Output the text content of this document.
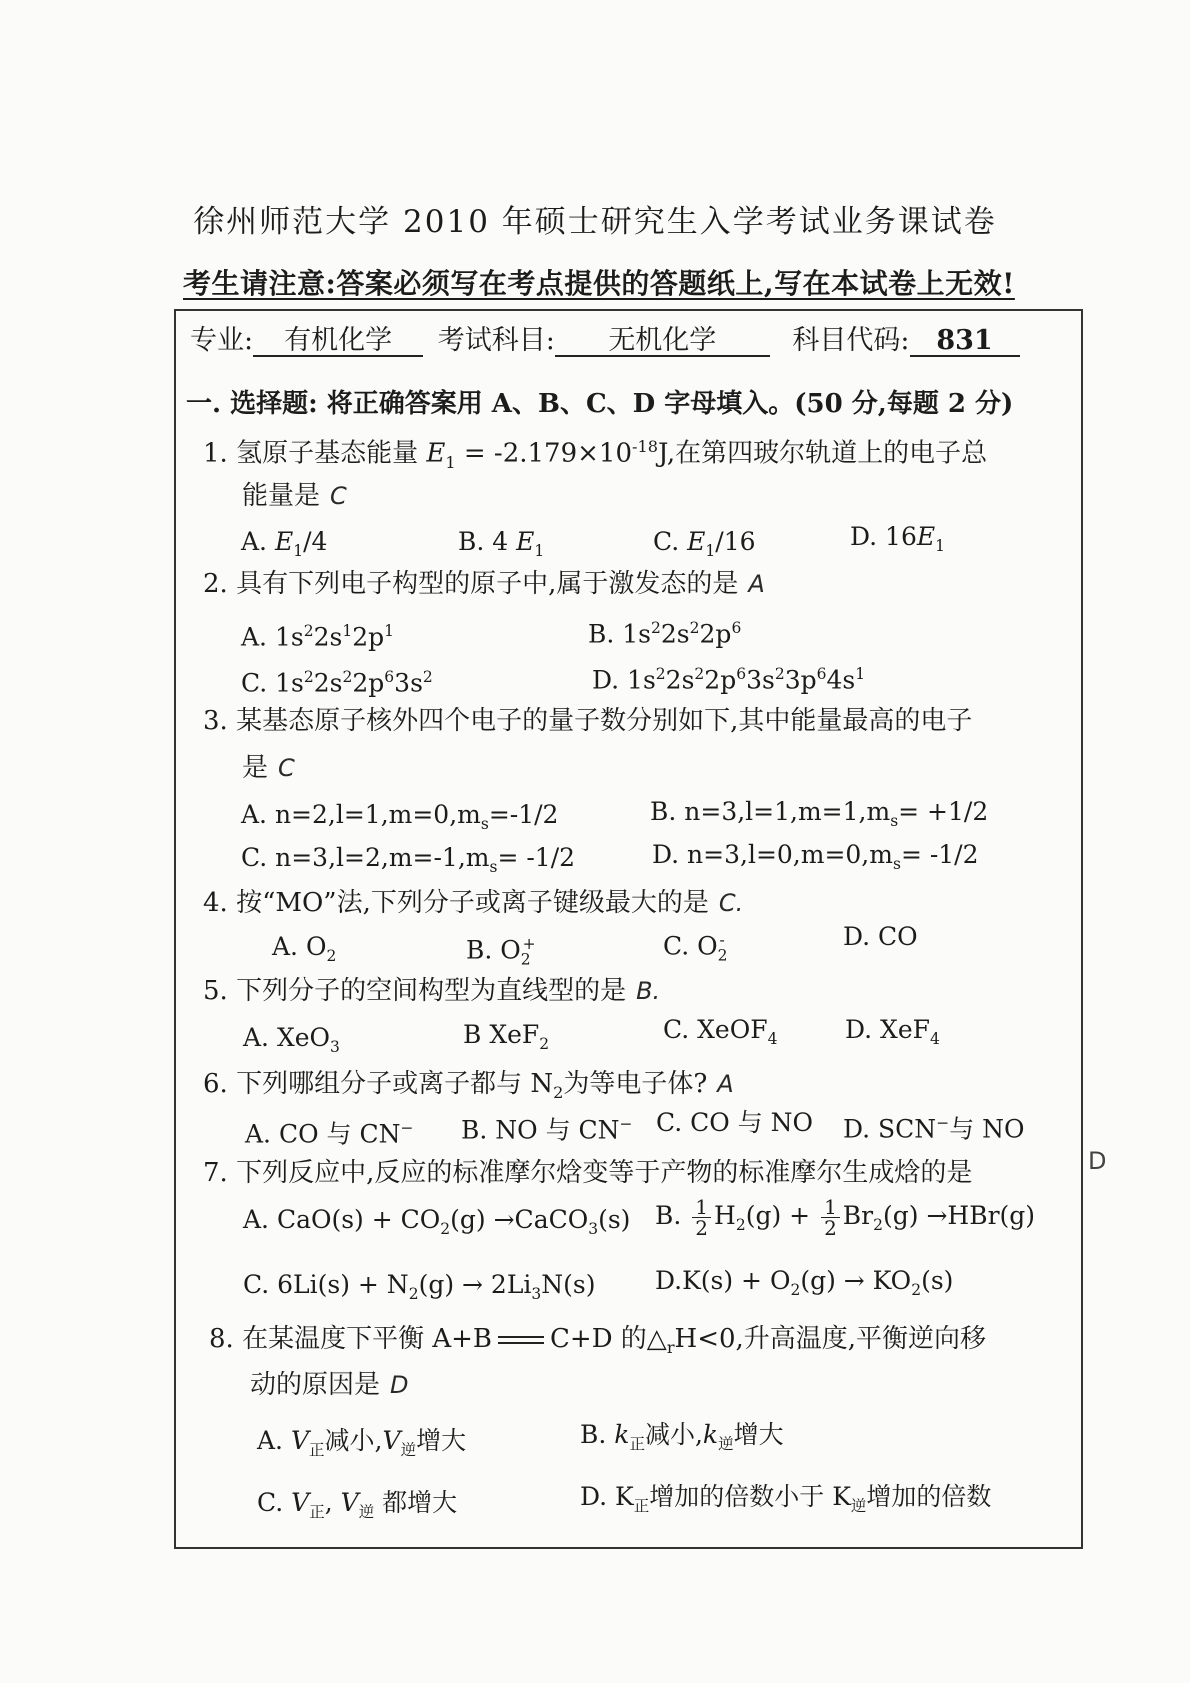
徐州师范大学 2010 年硕士研究生入学考试业务课试卷
考生请注意:答案必须写在考点提供的答题纸上,写在本试卷上无效!
专业: 有机化学 考试科目: 无机化学	科目代码: 831
一. 选择题: 将正确答案用 A、B、C、D 字母填入。(50 分,每题 2 分)
1. 氢原子基态能量 $E_1 = -2.179\times 10^{-18}J$,在第四玻尔轨道上的电子总
能量是 C
A. $E_1/4$	B. 4 $E_1$	C. $E_1/16$	D. $16E_1$
2. 具有下列电子构型的原子中,属于激发态的是 A
A. $1s^22s^12p^1$	B. $1s^22s^22p^6$
C. $1s^22s^22p^63s^2$	D. $1s^22s^22p^63s^23p^64s^1$
3. 某基态原子核外四个电子的量子数分别如下,其中能量最高的电子
是 C
A. $n=2,l=1,m=0,m_s=-1/2$	B. $n=3,l=1,m=1,m_s= +1/2$
C. $n=3,l=2,m=-1,m_s= -1/2$	D. $n=3,l=0,m=0,m_s= -1/2$
4. 按“MO”法,下列分子或离子键级最大的是 C.
A. $O_2$	B. $O_2^+$	C. $O_2^-$	D. CO
5. 下列分子的空间构型为直线型的是 B.
A. XeO$_3$	B XeF$_2$	C. XeOF$_4$	D. XeF$_4$
6. 下列哪组分子或离子都与 $N_2$为等电子体? A
A. CO 与 CN− B. NO 与 CN− C. CO 与 NO D. SCN−与 NO
7. 下列反应中,反应的标准摩尔焓变等于产物的标准摩尔生成焓的是	D
A. $CaO(s) + CO_2(g)$ →CaCO$_3$(s) B. $\frac{1}{2} H_2(g) + \frac{1}{2} Br_2(g) \to HBr(g)$
C. $6Li(s) + N_2(g) \to 2Li_3N(s) D.K(s) + O_2(g) \to KO_2(s)$
8. 在某温度下平衡 A+B C+D 的$\triangle_rH<0$,升高温度,平衡逆向移
动的原因是 D
A. $V_正$减小$,V_逆$增大	B. $k_正$减小$,k_逆$增大
C. $V_正$, $V_逆$ 都增大	D. $K_正$增加的倍数小于 $K_逆$增加的倍数
